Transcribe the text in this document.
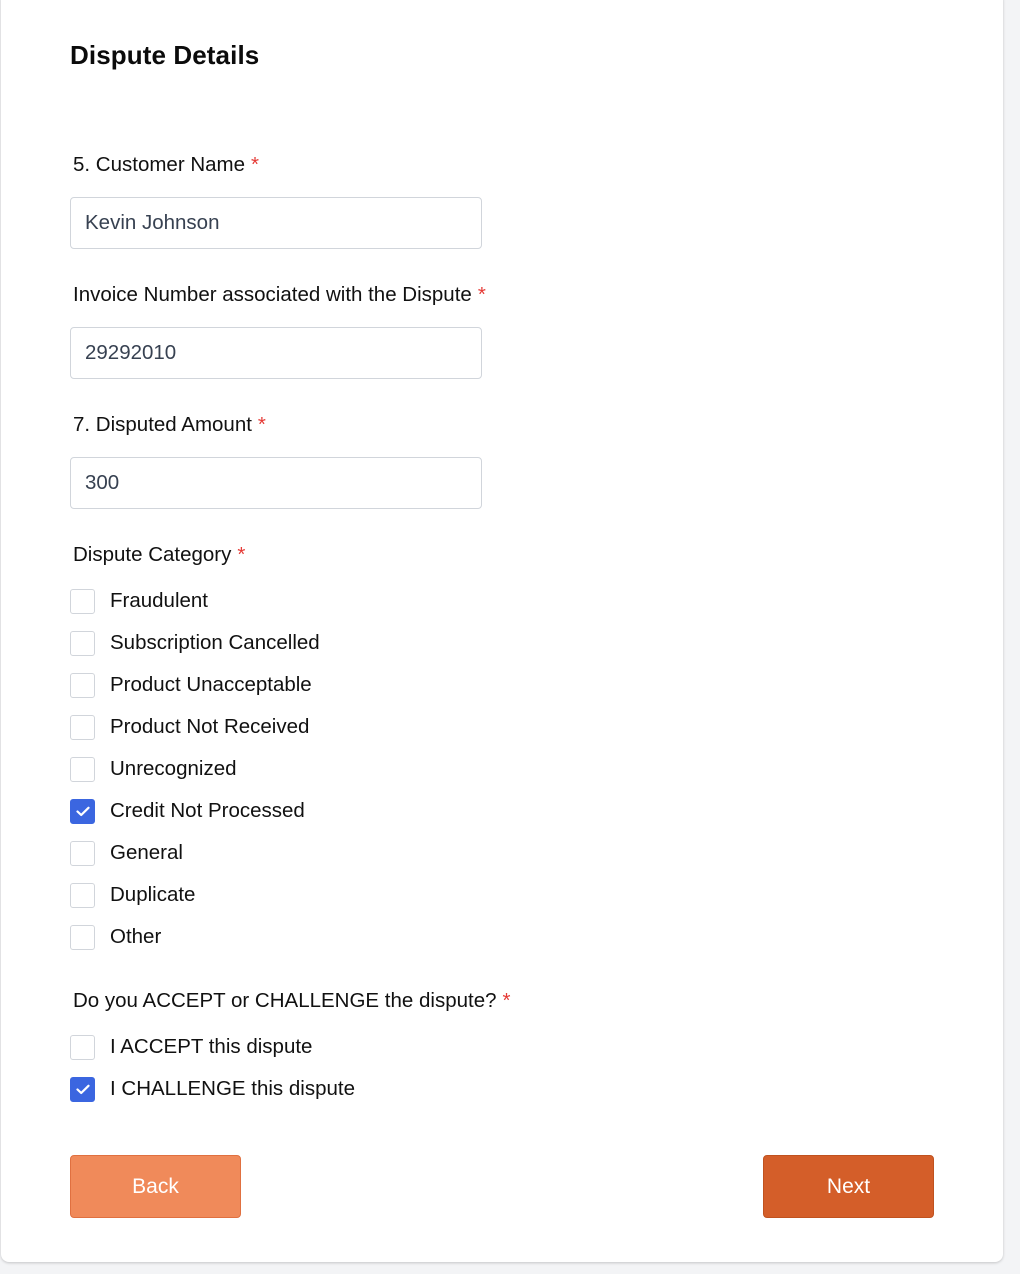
Dispute Details
5. Customer Name *
Kevin Johnson
Invoice Number associated with the Dispute *
29292010
7. Disputed Amount *
300
Dispute Category *
Fraudulent
Subscription Cancelled
Product Unacceptable
Product Not Received
Unrecognized
Credit Not Processed
General
Duplicate
Other
Do you ACCEPT or CHALLENGE the dispute? *
I ACCEPT this dispute
I CHALLENGE this dispute
Back	Next
